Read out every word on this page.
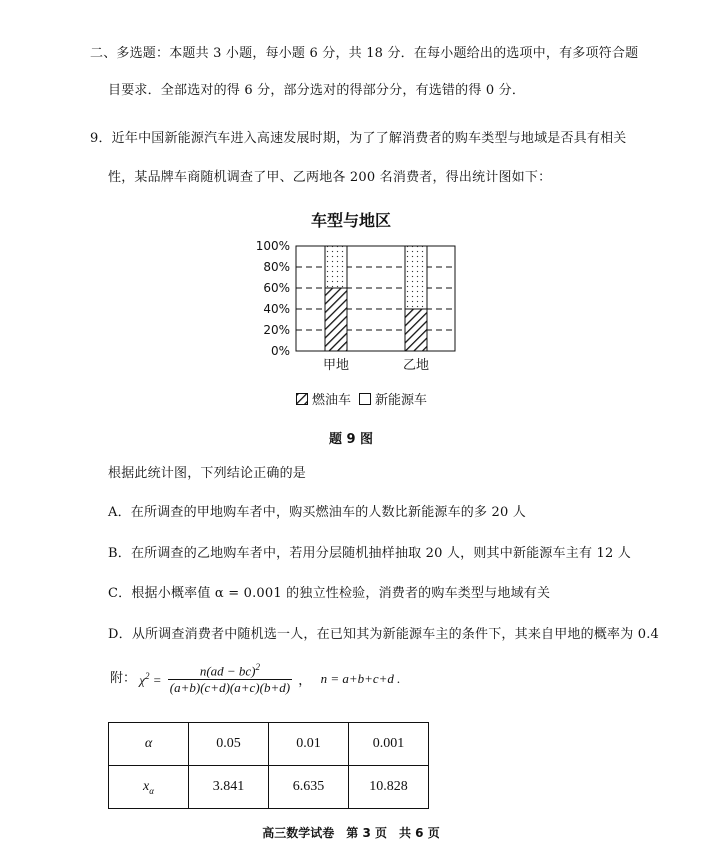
二、多选题：本题共 3 小题，每小题 6 分，共 18 分．在每小题给出的选项中，有多项符合题
目要求．全部选对的得 6 分，部分选对的得部分分，有选错的得 0 分．
9．近年中国新能源汽车进入高速发展时期，为了了解消费者的购车类型与地域是否具有相关
性，某品牌车商随机调查了甲、乙两地各 200 名消费者，得出统计图如下：
车型与地区
0%
20%
40%
60%
80%
100%
甲地	乙地
燃油车 新能源车
题 9 图
根据此统计图，下列结论正确的是
A．在所调查的甲地购车者中，购买燃油车的人数比新能源车的多 20 人
B．在所调查的乙地购车者中，若用分层随机抽样抽取 20 人，则其中新能源车主有 12 人
C．根据小概率值 α = 0.001 的独立性检验，消费者的购车类型与地域有关
D．从所调查消费者中随机选一人，在已知其为新能源车主的条件下，其来自甲地的概率为 0.4
附： $\chi^2 = \frac{n(ad - bc)^2}{(a+b)(c+d)(a+c)(b+d)}$ ， n = a+b+c+d .
α	0.05	0.01	0.001
$x_\alpha$	3.841	6.635	10.828
高三数学试卷　第 3 页　共 6 页
